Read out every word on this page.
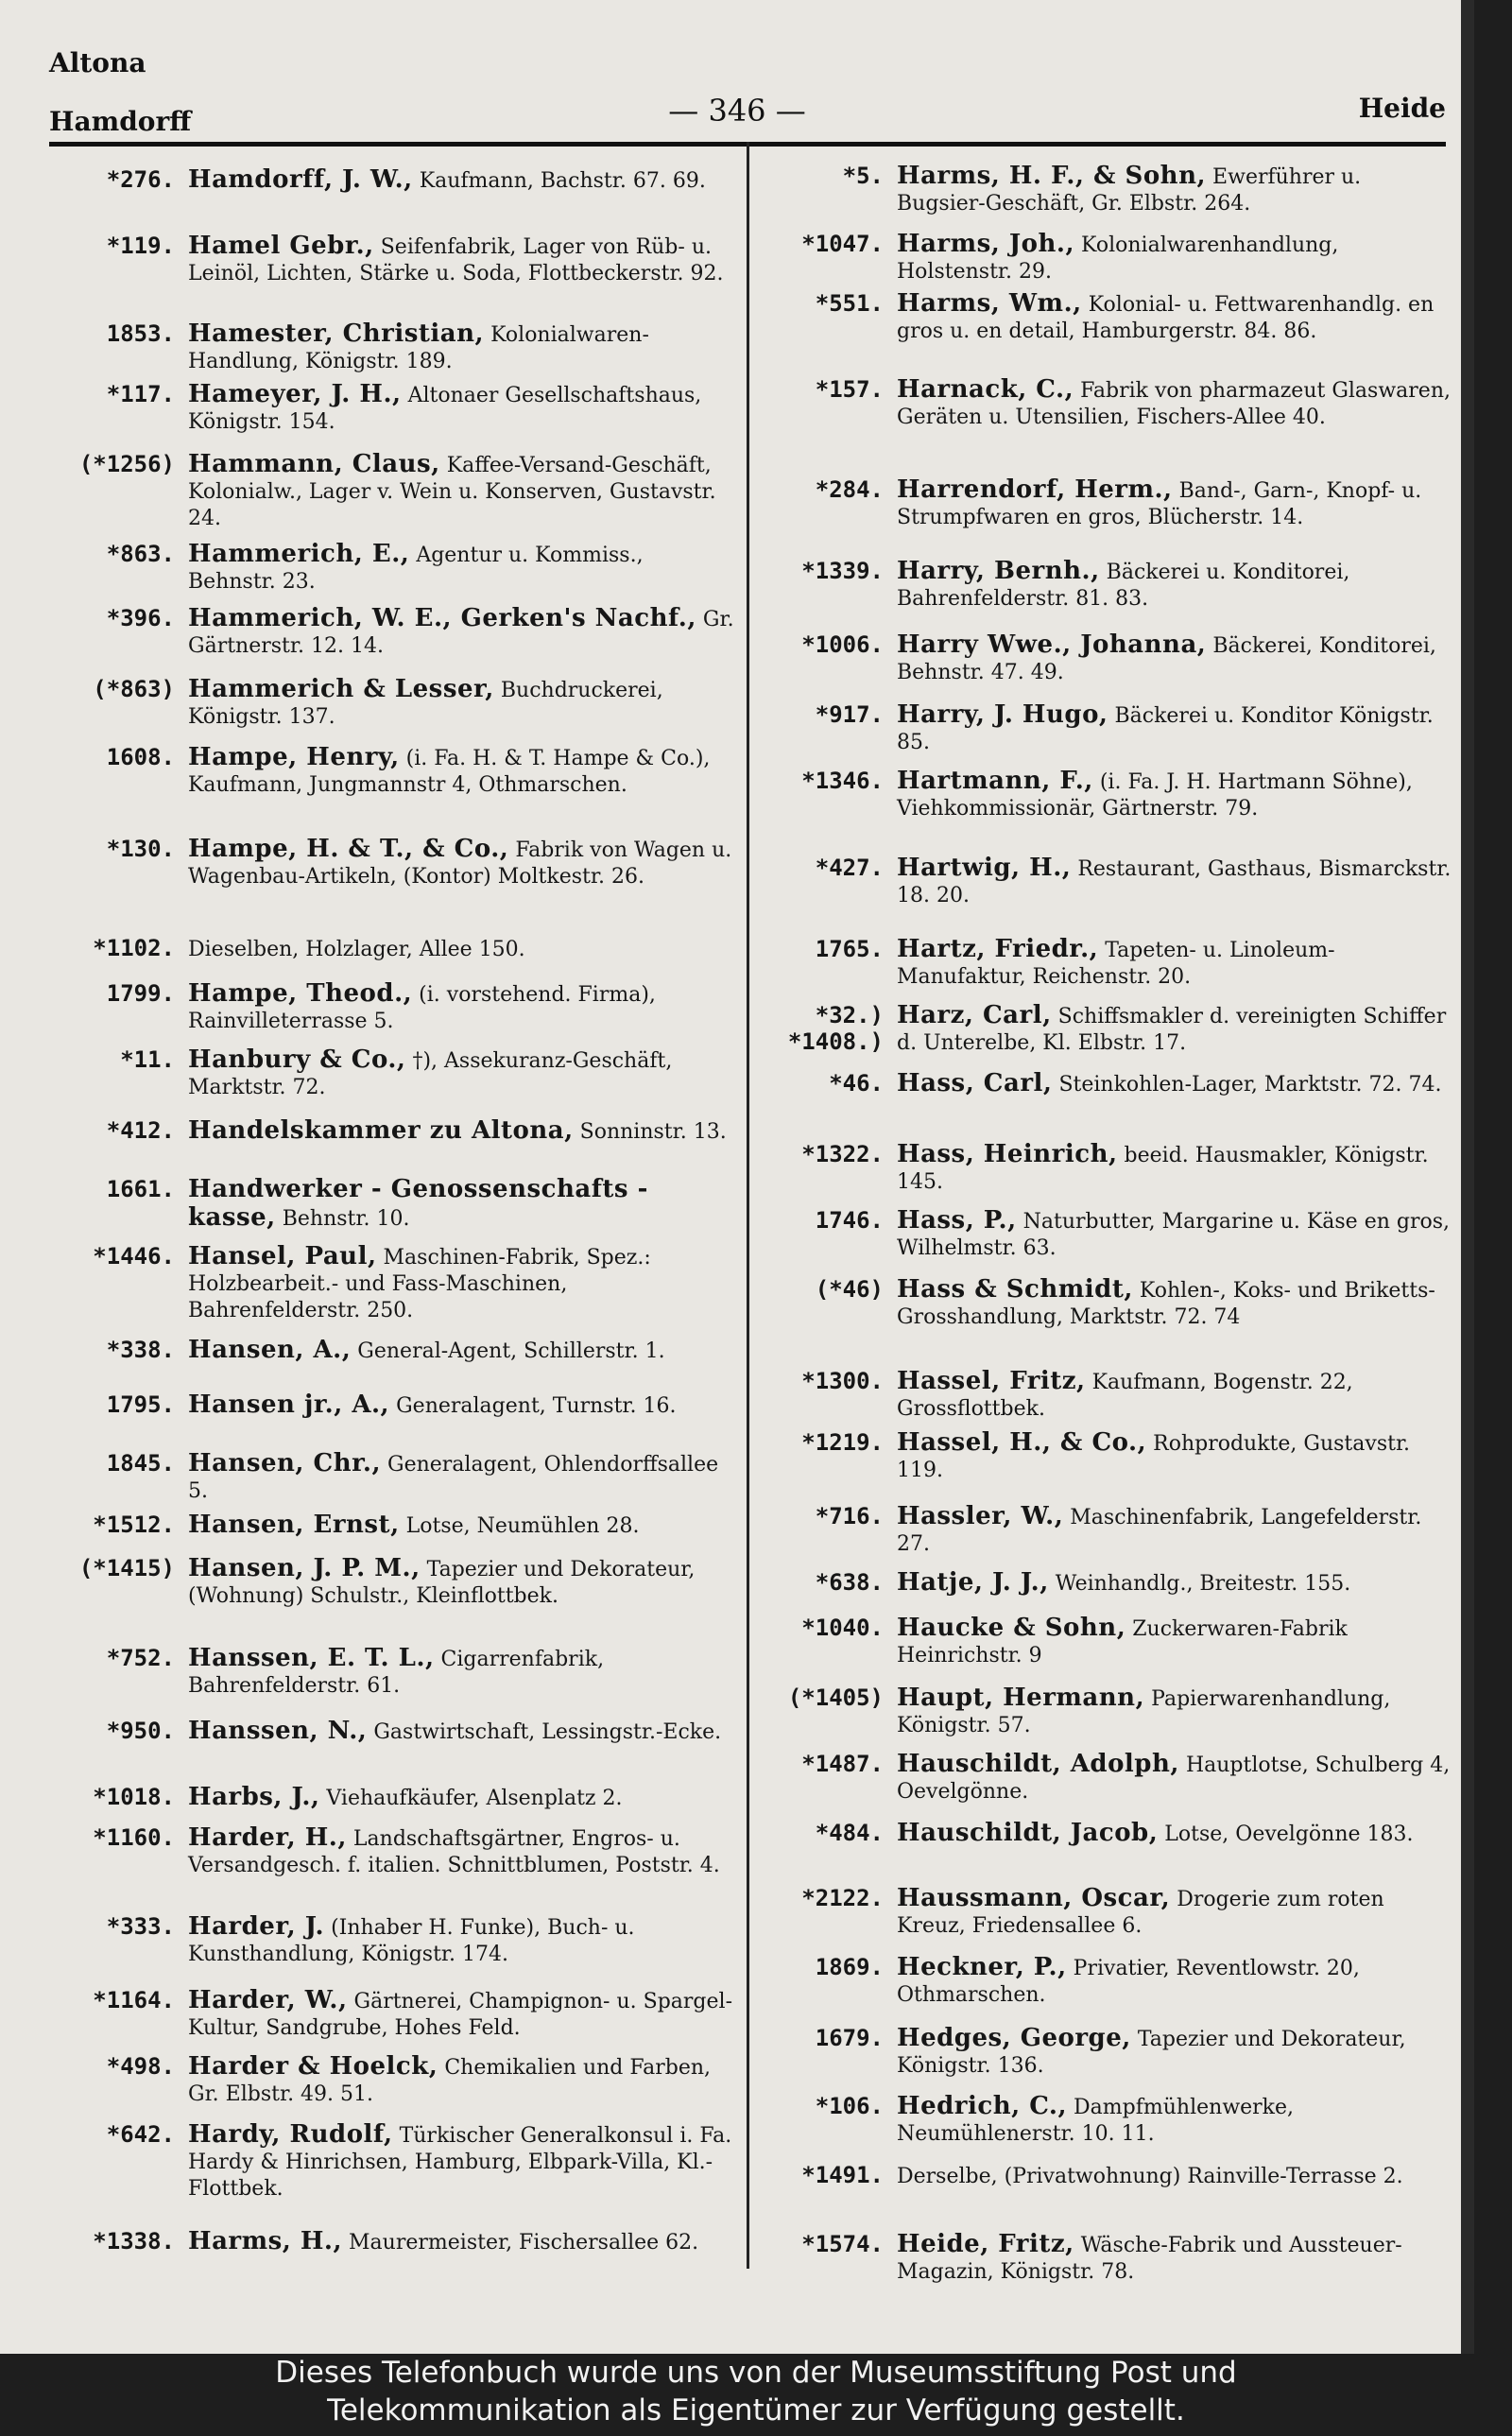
Altona
Hamdorff	— 346 —	Heide
*276. Hamdorff, J. W., Kaufmann, Bachstr. 67. 69.
*119. Hamel Gebr., Seifenfabrik, Lager von Rüb- u. Leinöl, Lichten, Stärke u. Soda, Flottbeckerstr. 92.
1853. Hamester, Christian, Kolonialwaren-Handlung, Königstr. 189.
*117. Hameyer, J. H., Altonaer Gesellschaftshaus, Königstr. 154.
(*1256) Hammann, Claus, Kaffee-Versand-Geschäft, Kolonialw., Lager v. Wein u. Konserven, Gustavstr. 24.
*863. Hammerich, E., Agentur u. Kommiss., Behnstr. 23.
*396. Hammerich, W. E., Gerken's Nachf., Gr. Gärtnerstr. 12. 14.
(*863) Hammerich & Lesser, Buchdruckerei, Königstr. 137.
1608. Hampe, Henry, (i. Fa. H. & T. Hampe & Co.), Kaufmann, Jungmannstr 4, Othmarschen.
*130. Hampe, H. & T., & Co., Fabrik von Wagen u. Wagenbau-Artikeln, (Kontor) Moltkestr. 26.
*1102. Dieselben, Holzlager, Allee 150.
1799. Hampe, Theod., (i. vorstehend. Firma), Rainvilleterrasse 5.
*11. Hanbury & Co., †), Assekuranz-Geschäft, Marktstr. 72.
*412. Handelskammer zu Altona, Sonninstr. 13.
1661. Handwerker - Genossenschafts - kasse, Behnstr. 10.
*1446. Hansel, Paul, Maschinen-Fabrik, Spez.: Holzbearbeit.- und Fass-Maschinen, Bahrenfelderstr. 250.
*338. Hansen, A., General-Agent, Schillerstr. 1.
1795. Hansen jr., A., Generalagent, Turnstr. 16.
1845. Hansen, Chr., Generalagent, Ohlendorffsallee 5.
*1512. Hansen, Ernst, Lotse, Neumühlen 28.
(*1415) Hansen, J. P. M., Tapezier und Dekorateur, (Wohnung) Schulstr., Kleinflottbek.
*752. Hanssen, E. T. L., Cigarrenfabrik, Bahrenfelderstr. 61.
*950. Hanssen, N., Gastwirtschaft, Lessingstr.-Ecke.
*1018. Harbs, J., Viehaufkäufer, Alsenplatz 2.
*1160. Harder, H., Landschaftsgärtner, Engros- u. Versandgesch. f. italien. Schnittblumen, Poststr. 4.
*333. Harder, J. (Inhaber H. Funke), Buch- u. Kunsthandlung, Königstr. 174.
*1164. Harder, W., Gärtnerei, Champignon- u. Spargel-Kultur, Sandgrube, Hohes Feld.
*498. Harder & Hoelck, Chemikalien und Farben, Gr. Elbstr. 49. 51.
*642. Hardy, Rudolf, Türkischer Generalkonsul i. Fa. Hardy & Hinrichsen, Hamburg, Elbpark-Villa, Kl.-Flottbek.
*1338. Harms, H., Maurermeister, Fischersallee 62.
*5. Harms, H. F., & Sohn, Ewerführer u. Bugsier-Geschäft, Gr. Elbstr. 264.
*1047. Harms, Joh., Kolonialwarenhandlung, Holstenstr. 29.
*551. Harms, Wm., Kolonial- u. Fettwarenhandlg. en gros u. en detail, Hamburgerstr. 84. 86.
*157. Harnack, C., Fabrik von pharmazeut Glaswaren, Geräten u. Utensilien, Fischers-Allee 40.
*284. Harrendorf, Herm., Band-, Garn-, Knopf- u. Strumpfwaren en gros, Blücherstr. 14.
*1339. Harry, Bernh., Bäckerei u. Konditorei, Bahrenfelderstr. 81. 83.
*1006. Harry Wwe., Johanna, Bäckerei, Konditorei, Behnstr. 47. 49.
*917. Harry, J. Hugo, Bäckerei u. Konditor Königstr. 85.
*1346. Hartmann, F., (i. Fa. J. H. Hartmann Söhne), Viehkommissionär, Gärtnerstr. 79.
*427. Hartwig, H., Restaurant, Gasthaus, Bismarckstr. 18. 20.
1765. Hartz, Friedr., Tapeten- u. Linoleum-Manufaktur, Reichenstr. 20.
*32.) *1408.)
Harz, Carl, Schiffsmakler d. vereinigten Schiffer d. Unterelbe, Kl. Elbstr. 17.
*46. Hass, Carl, Steinkohlen-Lager, Marktstr. 72. 74.
*1322. Hass, Heinrich, beeid. Hausmakler, Königstr. 145.
1746. Hass, P., Naturbutter, Margarine u. Käse en gros, Wilhelmstr. 63.
(*46) Hass & Schmidt, Kohlen-, Koks- und Briketts-Grosshandlung, Marktstr. 72. 74
*1300. Hassel, Fritz, Kaufmann, Bogenstr. 22, Grossflottbek.
*1219. Hassel, H., & Co., Rohprodukte, Gustavstr. 119.
*716. Hassler, W., Maschinenfabrik, Langefelderstr. 27.
*638. Hatje, J. J., Weinhandlg., Breitestr. 155.
*1040. Haucke & Sohn, Zuckerwaren-Fabrik Heinrichstr. 9
(*1405) Haupt, Hermann, Papierwarenhandlung, Königstr. 57.
*1487. Hauschildt, Adolph, Hauptlotse, Schulberg 4, Oevelgönne.
*484. Hauschildt, Jacob, Lotse, Oevelgönne 183.
*2122. Haussmann, Oscar, Drogerie zum roten Kreuz, Friedensallee 6.
1869. Heckner, P., Privatier, Reventlowstr. 20, Othmarschen.
1679. Hedges, George, Tapezier und Dekorateur, Königstr. 136.
*106. Hedrich, C., Dampfmühlenwerke, Neumühlenerstr. 10. 11.
*1491. Derselbe, (Privatwohnung) Rainville-Terrasse 2.
*1574. Heide, Fritz, Wäsche-Fabrik und Aussteuer-Magazin, Königstr. 78.
Dieses Telefonbuch wurde uns von der Museumsstiftung Post und
Telekommunikation als Eigentümer zur Verfügung gestellt.
